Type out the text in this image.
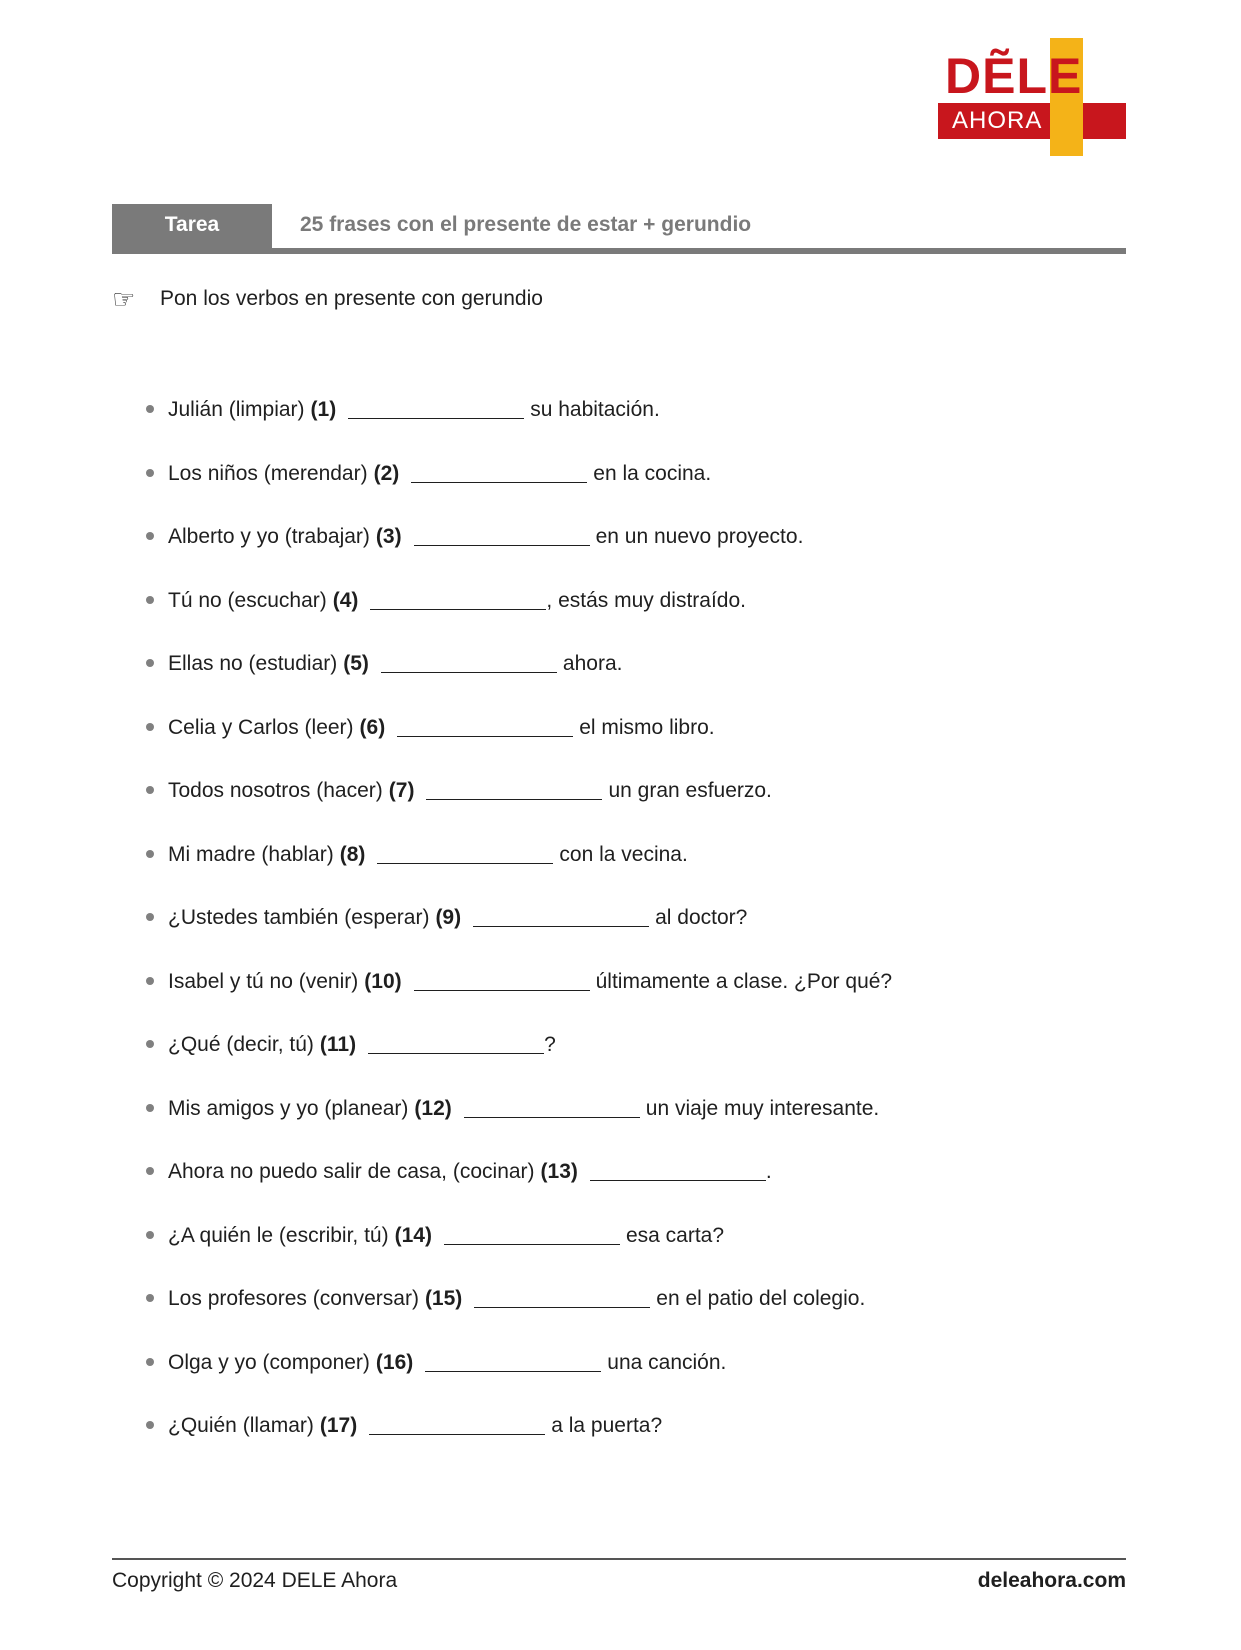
DẼLE
AHORA
Tarea	25 frases con el presente de estar + gerundio
☞	Pon los verbos en presente con gerundio
Julián (limpiar) (1)	su habitación.
Los niños (merendar) (2)	en la cocina.
Alberto y yo (trabajar) (3)	en un nuevo proyecto.
Tú no (escuchar) (4)	, estás muy distraído.
Ellas no (estudiar) (5)	ahora.
Celia y Carlos (leer) (6)	el mismo libro.
Todos nosotros (hacer) (7)	un gran esfuerzo.
Mi madre (hablar) (8)	con la vecina.
¿Ustedes también (esperar) (9)	al doctor?
Isabel y tú no (venir) (10)	últimamente a clase. ¿Por qué?
¿Qué (decir, tú) (11)	?
Mis amigos y yo (planear) (12)	un viaje muy interesante.
Ahora no puedo salir de casa, (cocinar) (13)	.
¿A quién le (escribir, tú) (14)	esa carta?
Los profesores (conversar) (15)	en el patio del colegio.
Olga y yo (componer) (16)	una canción.
¿Quién (llamar) (17)	a la puerta?
Copyright © 2024 DELE Ahora	deleahora.com
